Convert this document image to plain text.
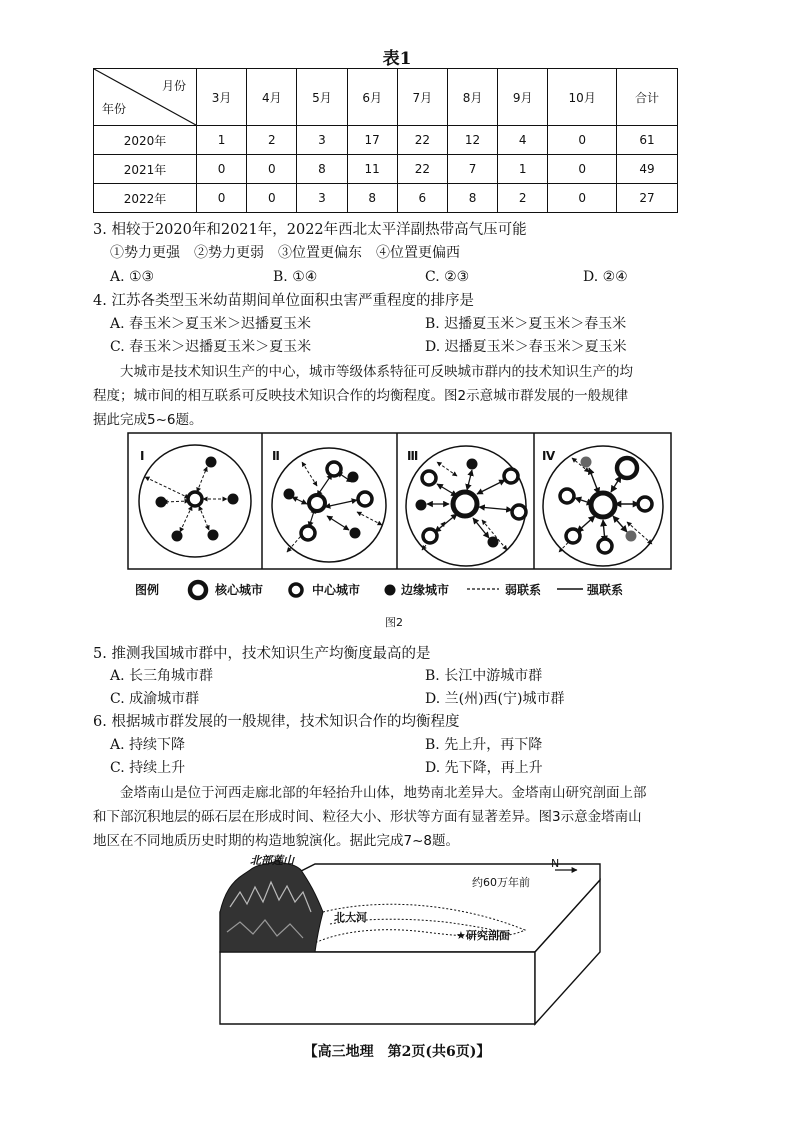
表1
月份
年份	3月	4月	5月	6月	7月	8月	9月	10月	合计
2020年	1	2	3	17	22	12	4	0	61
2021年	0	0	8	11	22	7	1	0	49
2022年	0	0	3	8	6	8	2	0	27
3. 相较于2020年和2021年，2022年西北太平洋副热带高气压可能
①势力更强　②势力更弱　③位置更偏东　④位置更偏西
A. ①③	B. ①④	C. ②③	D. ②④
4. 江苏各类型玉米幼苗期间单位面积虫害严重程度的排序是
A. 春玉米＞夏玉米＞迟播夏玉米	B. 迟播夏玉米＞夏玉米＞春玉米
C. 春玉米＞迟播夏玉米＞夏玉米	D. 迟播夏玉米＞春玉米＞夏玉米
大城市是技术知识生产的中心，城市等级体系特征可反映城市群内的技术知识生产的均
程度；城市间的相互联系可反映技术知识合作的均衡程度。图2示意城市群发展的一般规律
据此完成5~6题。
Ⅰ	Ⅱ	Ⅲ	Ⅳ
图例	核心城市	中心城市	边缘城市	弱联系	强联系
图2
5. 推测我国城市群中，技术知识生产均衡度最高的是
A. 长三角城市群	B. 长江中游城市群
C. 成渝城市群	D. 兰(州)西(宁)城市群
6. 根据城市群发展的一般规律，技术知识合作的均衡程度
A. 持续下降	B. 先上升，再下降
C. 持续上升	D. 先下降，再上升
金塔南山是位于河西走廊北部的年轻抬升山体，地势南北差异大。金塔南山研究剖面上部
和下部沉积地层的砾石层在形成时间、粒径大小、形状等方面有显著差异。图3示意金塔南山
地区在不同地质历史时期的构造地貌演化。据此完成7~8题。
北部莲山
约60万年前
N
北大河
★研究剖面
【高三地理　第2页(共6页)】
